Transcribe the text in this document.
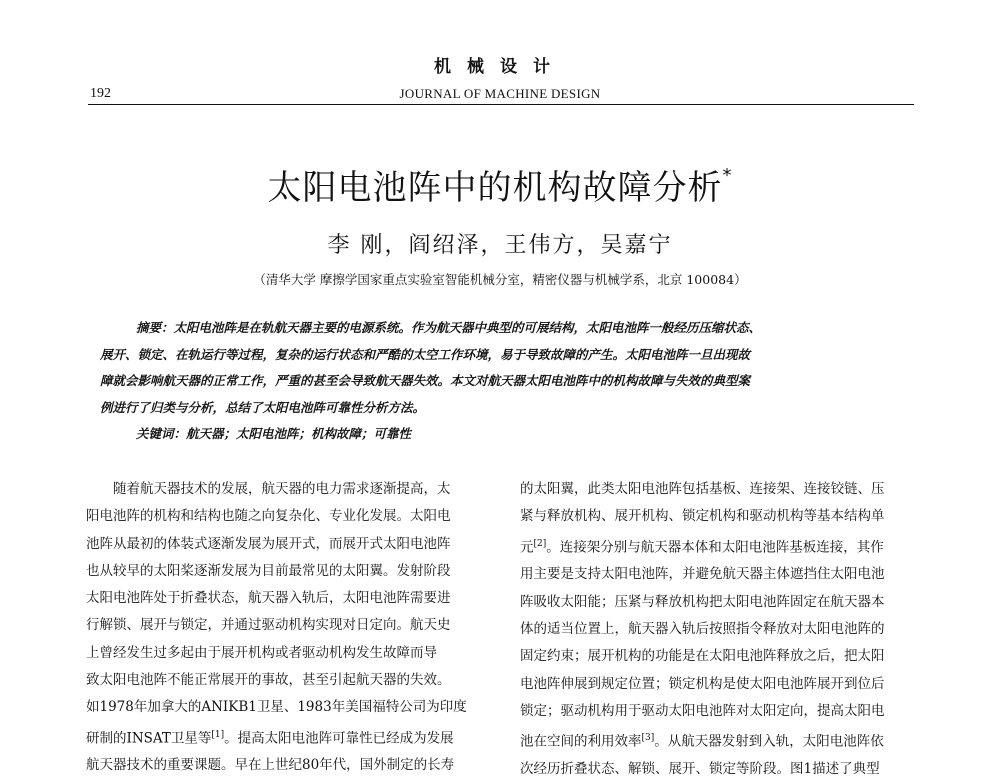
机械设计
192	JOURNAL OF MACHINE DESIGN
太阳电池阵中的机构故障分析*
李 刚，阎绍泽，王伟方，吴嘉宁
（清华大学 摩擦学国家重点实验室智能机械分室，精密仪器与机械学系，北京 100084）
摘要：太阳电池阵是在轨航天器主要的电源系统。作为航天器中典型的可展结构，太阳电池阵一般经历压缩状态、
展开、锁定、在轨运行等过程，复杂的运行状态和严酷的太空工作环境，易于导致故障的产生。太阳电池阵一旦出现故
障就会影响航天器的正常工作，严重的甚至会导致航天器失效。本文对航天器太阳电池阵中的机构故障与失效的典型案
例进行了归类与分析，总结了太阳电池阵可靠性分析方法。
关键词：航天器；太阳电池阵；机构故障；可靠性
随着航天器技术的发展，航天器的电力需求逐渐提高，太
阳电池阵的机构和结构也随之向复杂化、专业化发展。太阳电
池阵从最初的体装式逐渐发展为展开式，而展开式太阳电池阵
也从较早的太阳桨逐渐发展为目前最常见的太阳翼。发射阶段
太阳电池阵处于折叠状态，航天器入轨后，太阳电池阵需要进
行解锁、展开与锁定，并通过驱动机构实现对日定向。航天史
上曾经发生过多起由于展开机构或者驱动机构发生故障而导
致太阳电池阵不能正常展开的事故，甚至引起航天器的失效。
如1978年加拿大的ANIKB1卫星、1983年美国福特公司为印度
研制的INSAT卫星等[1]。提高太阳电池阵可靠性已经成为发展
航天器技术的重要课题。早在上世纪80年代，国外制定的长寿
的太阳翼，此类太阳电池阵包括基板、连接架、连接铰链、压
紧与释放机构、展开机构、锁定机构和驱动机构等基本结构单
元[2]。连接架分别与航天器本体和太阳电池阵基板连接，其作
用主要是支持太阳电池阵，并避免航天器主体遮挡住太阳电池
阵吸收太阳能；压紧与释放机构把太阳电池阵固定在航天器本
体的适当位置上，航天器入轨后按照指令释放对太阳电池阵的
固定约束；展开机构的功能是在太阳电池阵释放之后，把太阳
电池阵伸展到规定位置；锁定机构是使太阳电池阵展开到位后
锁定；驱动机构用于驱动太阳电池阵对太阳定向，提高太阳电
池在空间的利用效率[3]。从航天器发射到入轨，太阳电池阵依
次经历折叠状态、解锁、展开、锁定等阶段。图1描述了典型
